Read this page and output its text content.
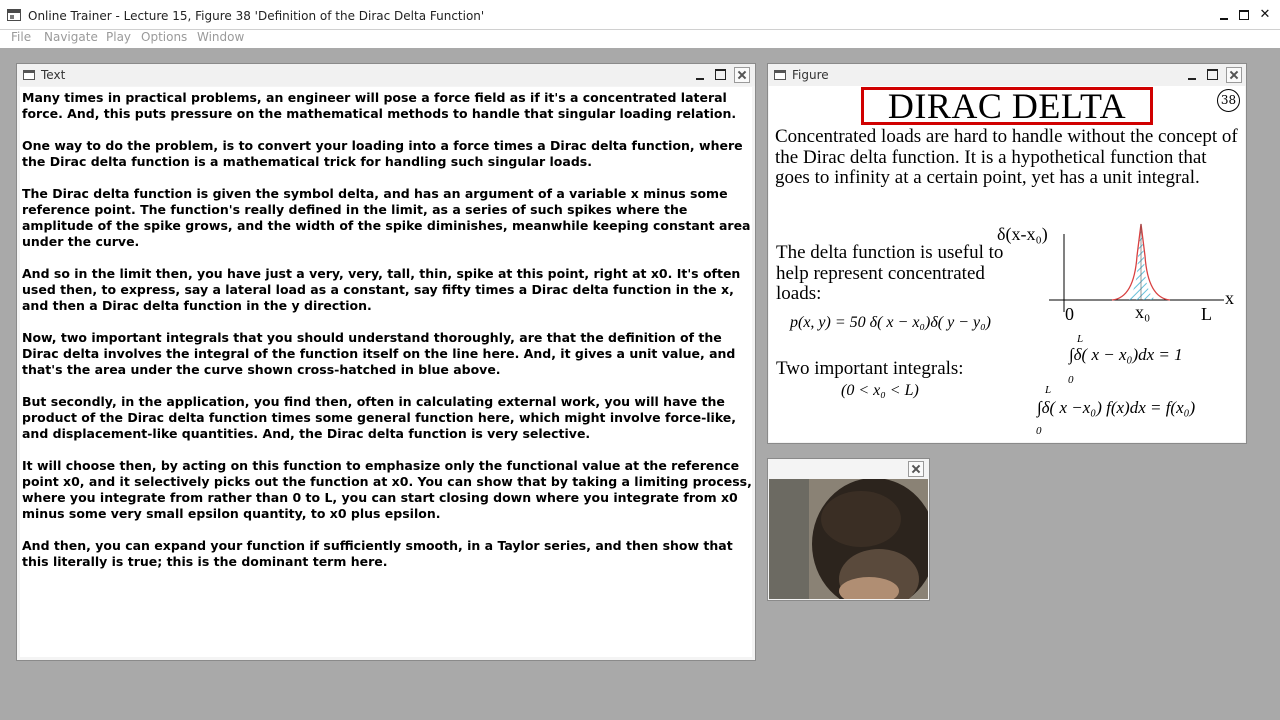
Online Trainer - Lecture 15, Figure 38 'Definition of the Dirac Delta Function'	✕
File Navigate Play Options Window
Text

Many times in practical problems, an engineer will pose a force field as if it's a concentrated lateral force. And, this puts pressure on the mathematical methods to handle that singular loading relation.

One way to do the problem, is to convert your loading into a force times a Dirac delta function, where the Dirac delta function is a mathematical trick for handling such singular loads.

The Dirac delta function is given the symbol delta, and has an argument of a variable x minus some reference point. The function's really defined in the limit, as a series of such spikes where the amplitude of the spike grows, and the width of the spike diminishes, meanwhile keeping constant area under the curve.

And so in the limit then, you have just a very, very, tall, thin, spike at this point, right at x0. It's often used then, to express, say a lateral load as a constant, say fifty times a Dirac delta function in the x, and then a Dirac delta function in the y direction.

Now, two important integrals that you should understand thoroughly, are that the definition of the Dirac delta involves the integral of the function itself on the line here. And, it gives a unit value, and that's the area under the curve shown cross-hatched in blue above.

But secondly, in the application, you find then, often in calculating external work, you will have the product of the Dirac delta function times some general function here, which might involve force-like, and displacement-like quantities. And, the Dirac delta function is very selective.

It will choose then, by acting on this function to emphasize only the functional value at the reference point x0, and it selectively picks out the function at x0. You can show that by taking a limiting process, where you integrate from rather than 0 to L, you can start closing down where you integrate from x0 minus some very small epsilon quantity, to x0 plus epsilon.

And then, you can expand your function if sufficiently smooth, in a Taylor series, and then show that this literally is true; this is the dominant term here.

Figure
DIRAC DELTA	38
Concentrated loads are hard to handle without the concept of the Dirac delta function. It is a hypothetical function that goes to infinity at a certain point, yet has a unit integral.
The delta function is useful to help represent concentrated loads:
p(x, y) = 50 δ( x − x₀)δ( y − y₀)
Two important integrals:
(0 < x₀ < L)
L
0
∫δ( x − x₀)dx = 1
L
0
∫δ( x −x₀) f(x)dx = f(x₀)
δ(x-x₀)
x
0	x₀	L
